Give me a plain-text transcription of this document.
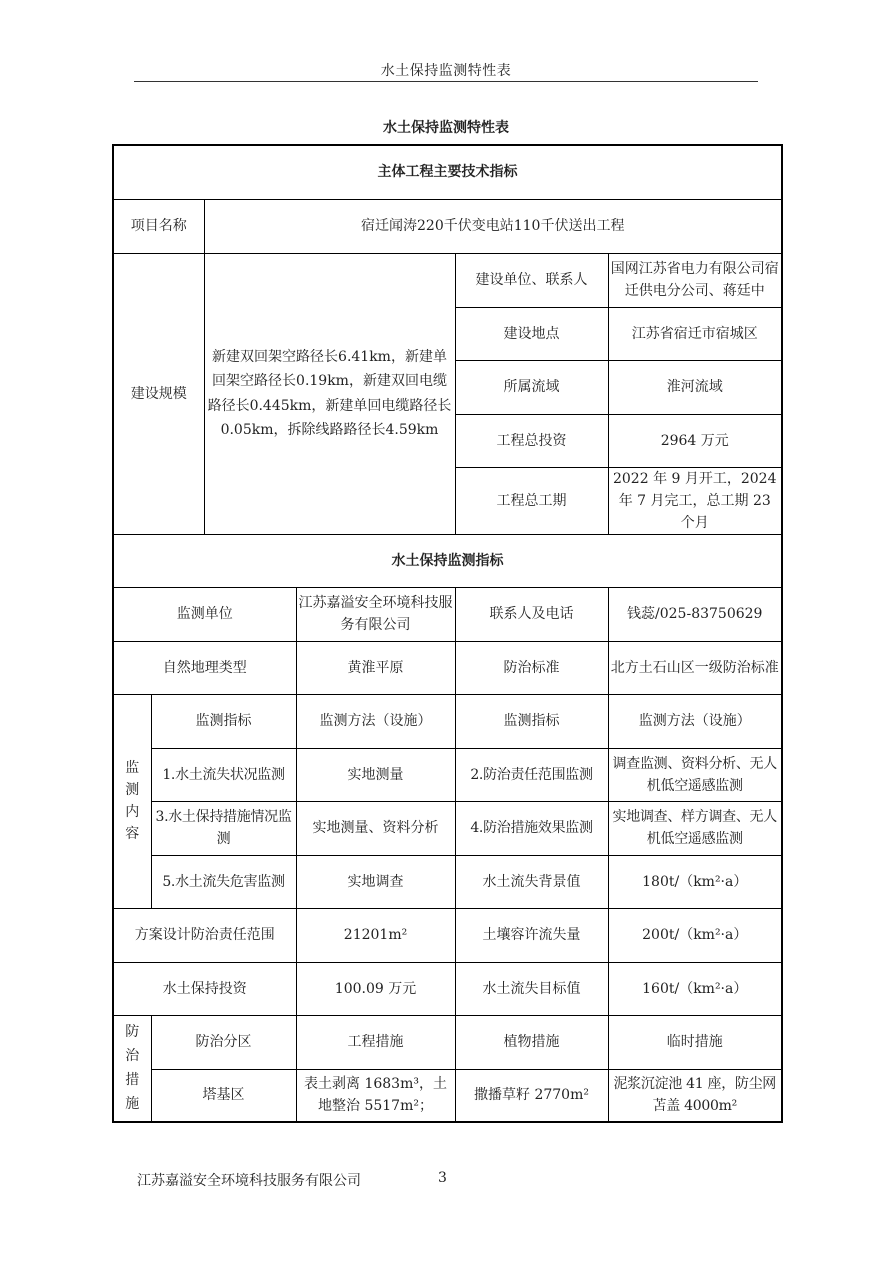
水土保持监测特性表
水土保持监测特性表
主体工程主要技术指标					
项目名称		宿迁闻涛220千伏变电站110千伏送出工程			
建设规模		新建双回架空路径长6.41km，新建单回架空路径长0.19km，新建双回电缆路径长0.445km，新建单回电缆路径长0.05km，拆除线路路径长4.59km		建设单位、联系人	国网江苏省电力有限公司宿迁供电分公司、蒋廷中
				建设地点	江苏省宿迁市宿城区
				所属流域	淮河流域
				工程总投资	2964 万元
				工程总工期	2022 年 9 月开工，2024 年 7 月完工，总工期 23 个月
水土保持监测指标					
监测单位			江苏嘉溢安全环境科技服务有限公司	联系人及电话	钱蕊/025-83750629
自然地理类型			黄淮平原	防治标准	北方土石山区一级防治标准

监测内容	监测指标		监测方法（设施）	监测指标	监测方法（设施）
	1.水土流失状况监测		实地测量	2.防治责任范围监测	调查监测、资料分析、无人机低空遥感监测
	3.水土保持措施情况监测		实地测量、资料分析	4.防治措施效果监测	实地调查、样方调查、无人机低空遥感监测
	5.水土流失危害监测		实地调查	水土流失背景值	180t/（km²·a）
方案设计防治责任范围			21201m²	土壤容许流失量	200t/（km²·a）
水土保持投资			100.09 万元	水土流失目标值	160t/（km²·a）

防治措施	防治分区		工程措施	植物措施	临时措施
	塔基区		表土剥离 1683m³，土地整治 5517m²；	撒播草籽 2770m²	泥浆沉淀池 41 座，防尘网苫盖 4000m²
江苏嘉溢安全环境科技服务有限公司	3
